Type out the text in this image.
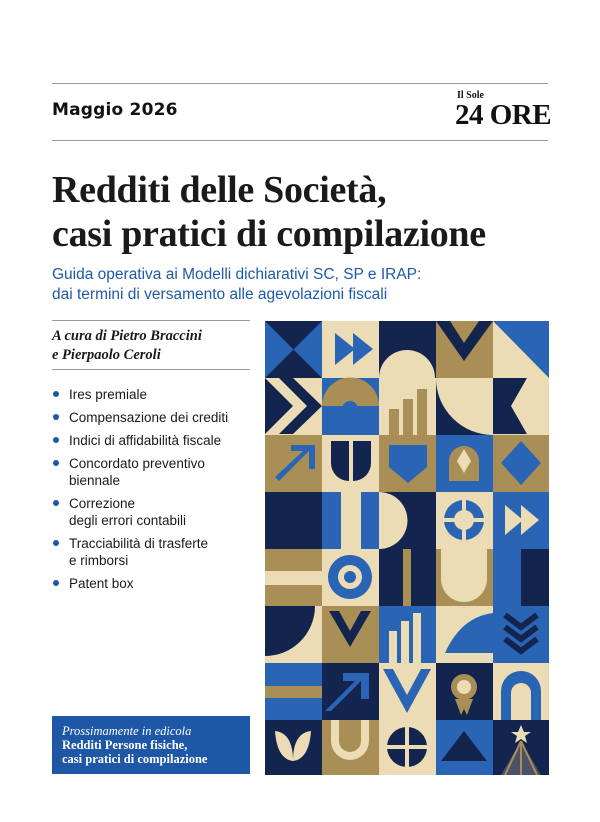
Maggio 2026
Il Sole
24 ORE
Redditi delle Società,
casi pratici di compilazione

Guida operativa ai Modelli dichiarativi SC, SP e IRAP:
dai termini di versamento alle agevolazioni fiscali

A cura di Pietro Braccini
e Pierpaolo Ceroli
Ires premiale
Compensazione dei crediti
Indici di affidabilità fiscale
Concordato preventivo
biennale
Correzione
degli errori contabili
Tracciabilità di trasferte
e rimborsi
Patent box
Prossimamente in edicola
Redditi Persone fisiche,
casi pratici di compilazione
